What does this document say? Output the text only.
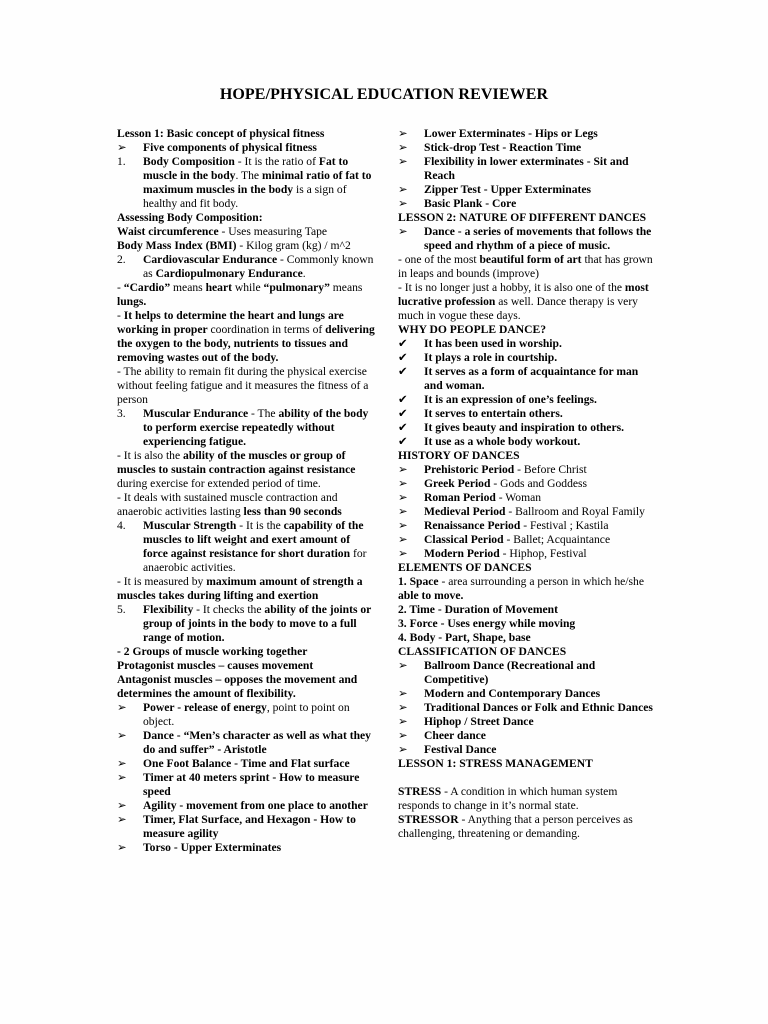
HOPE/PHYSICAL EDUCATION REVIEWER
Lesson 1: Basic concept of physical fitness
➢	Five components of physical fitness
1.	Body Composition - It is the ratio of Fat to muscle in the body. The minimal ratio of fat to maximum muscles in the body is a sign of healthy and fit body.
Assessing Body Composition:
Waist circumference - Uses measuring Tape
Body Mass Index (BMI) - Kilog gram (kg) / m^2
2.	Cardiovascular Endurance - Commonly known as Cardiopulmonary Endurance.
- “Cardio” means heart while “pulmonary” means lungs.
- It helps to determine the heart and lungs are working in proper coordination in terms of delivering the oxygen to the body, nutrients to tissues and removing wastes out of the body.
- The ability to remain fit during the physical exercise without feeling fatigue and it measures the fitness of a person
3.	Muscular Endurance - The ability of the body to perform exercise repeatedly without experiencing fatigue.
- It is also the ability of the muscles or group of muscles to sustain contraction against resistance during exercise for extended period of time.
- It deals with sustained muscle contraction and anaerobic activities lasting less than 90 seconds
4.	Muscular Strength - It is the capability of the muscles to lift weight and exert amount of force against resistance for short duration for anaerobic activities.
- It is measured by maximum amount of strength a muscles takes during lifting and exertion
5.	Flexibility - It checks the ability of the joints or group of joints in the body to move to a full range of motion.
- 2 Groups of muscle working together
Protagonist muscles – causes movement
Antagonist muscles – opposes the movement and determines the amount of flexibility.
➢	Power - release of energy, point to point on object.
➢	Dance - “Men’s character as well as what they do and suffer” - Aristotle
➢	One Foot Balance - Time and Flat surface
➢	Timer at 40 meters sprint - How to measure speed
➢	Agility - movement from one place to another
➢	Timer, Flat Surface, and Hexagon - How to measure agility
➢	Torso - Upper Exterminates
➢	Lower Exterminates - Hips or Legs
➢	Stick-drop Test - Reaction Time
➢	Flexibility in lower exterminates - Sit and Reach
➢	Zipper Test - Upper Exterminates
➢	Basic Plank - Core
LESSON 2: NATURE OF DIFFERENT DANCES
➢	Dance - a series of movements that follows the speed and rhythm of a piece of music.
- one of the most beautiful form of art that has grown in leaps and bounds (improve)
- It is no longer just a hobby, it is also one of the most lucrative profession as well. Dance therapy is very much in vogue these days.
WHY DO PEOPLE DANCE?
✔	It has been used in worship.
✔	It plays a role in courtship.
✔	It serves as a form of acquaintance for man and woman.
✔	It is an expression of one’s feelings.
✔	It serves to entertain others.
✔	It gives beauty and inspiration to others.
✔	It use as a whole body workout.
HISTORY OF DANCES
➢	Prehistoric Period - Before Christ
➢	Greek Period - Gods and Goddess
➢	Roman Period - Woman
➢	Medieval Period - Ballroom and Royal Family
➢	Renaissance Period - Festival ; Kastila
➢	Classical Period - Ballet; Acquaintance
➢	Modern Period - Hiphop, Festival
ELEMENTS OF DANCES
1. Space - area surrounding a person in which he/she able to move.
2. Time - Duration of Movement
3. Force - Uses energy while moving
4. Body - Part, Shape, base
CLASSIFICATION OF DANCES
➢	Ballroom Dance (Recreational and Competitive)
➢	Modern and Contemporary Dances
➢	Traditional Dances or Folk and Ethnic Dances
➢	Hiphop / Street Dance
➢	Cheer dance
➢	Festival Dance
LESSON 1: STRESS MANAGEMENT
STRESS - A condition in which human system responds to change in it’s normal state.
STRESSOR - Anything that a person perceives as challenging, threatening or demanding.
